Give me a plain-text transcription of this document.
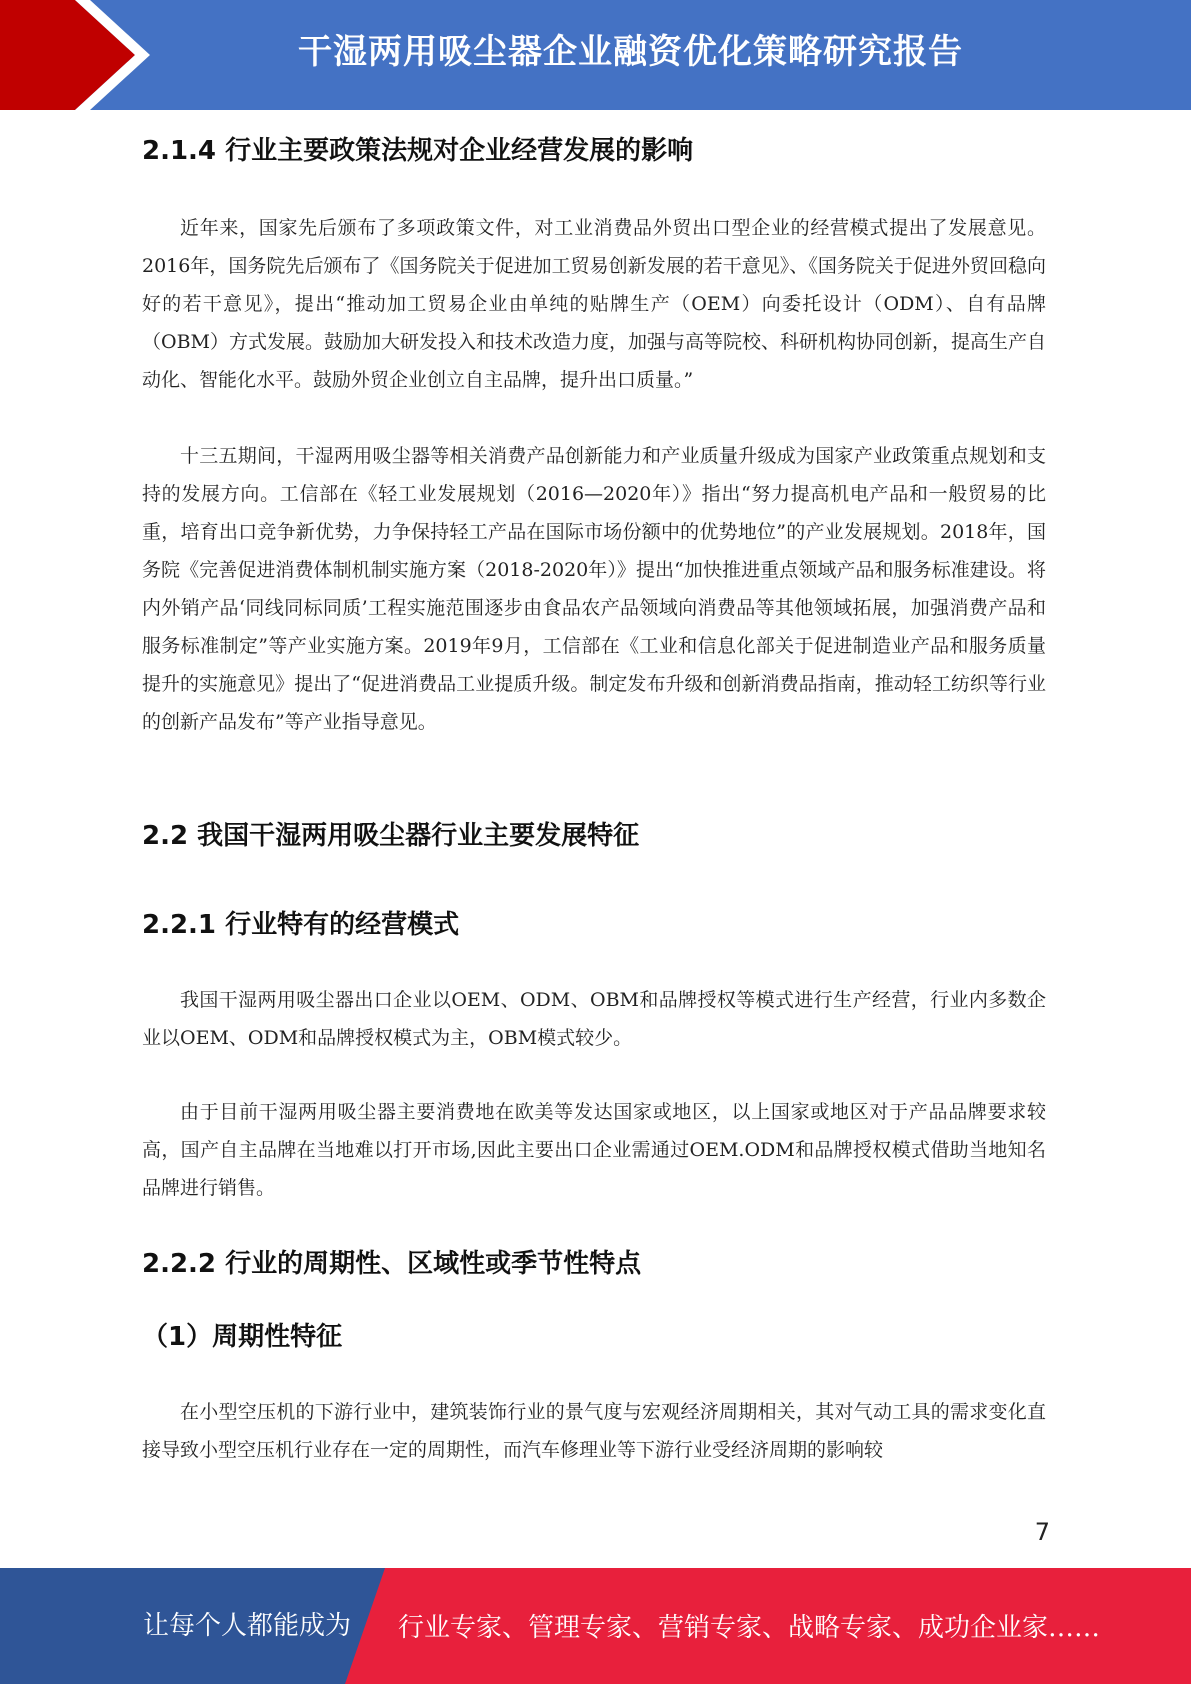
干湿两用吸尘器企业融资优化策略研究报告
2.1.4 行业主要政策法规对企业经营发展的影响

近年来，国家先后颁布了多项政策文件，对工业消费品外贸出口型企业的经营模式提出了发展意见。2016年，国务院先后颁布了《国务院关于促进加工贸易创新发展的若干意见》、《国务院关于促进外贸回稳向好的若干意见》，提出“推动加工贸易企业由单纯的贴牌生产（OEM）向委托设计（ODM）、自有品牌（OBM）方式发展。鼓励加大研发投入和技术改造力度，加强与高等院校、科研机构协同创新，提高生产自动化、智能化水平。鼓励外贸企业创立自主品牌，提升出口质量。”

十三五期间，干湿两用吸尘器等相关消费产品创新能力和产业质量升级成为国家产业政策重点规划和支持的发展方向。工信部在《轻工业发展规划（2016—2020年）》指出“努力提高机电产品和一般贸易的比重，培育出口竞争新优势，力争保持轻工产品在国际市场份额中的优势地位”的产业发展规划。2018年，国务院《完善促进消费体制机制实施方案（2018-2020年）》提出“加快推进重点领域产品和服务标准建设。将内外销产品‘同线同标同质’工程实施范围逐步由食品农产品领域向消费品等其他领域拓展，加强消费产品和服务标准制定”等产业实施方案。2019年9月，工信部在《工业和信息化部关于促进制造业产品和服务质量提升的实施意见》提出了“促进消费品工业提质升级。制定发布升级和创新消费品指南，推动轻工纺织等行业的创新产品发布”等产业指导意见。

2.2 我国干湿两用吸尘器行业主要发展特征
2.2.1 行业特有的经营模式

我国干湿两用吸尘器出口企业以OEM、ODM、OBM和品牌授权等模式进行生产经营，行业内多数企业以OEM、ODM和品牌授权模式为主，OBM模式较少。

由于目前干湿两用吸尘器主要消费地在欧美等发达国家或地区，以上国家或地区对于产品品牌要求较高，国产自主品牌在当地难以打开市场,因此主要出口企业需通过OEM.ODM和品牌授权模式借助当地知名品牌进行销售。

2.2.2 行业的周期性、区域性或季节性特点
（1）周期性特征

在小型空压机的下游行业中，建筑装饰行业的景气度与宏观经济周期相关，其对气动工具的需求变化直接导致小型空压机行业存在一定的周期性，而汽车修理业等下游行业受经济周期的影响较

7
让每个人都能成为 行业专家、管理专家、营销专家、战略专家、成功企业家……
